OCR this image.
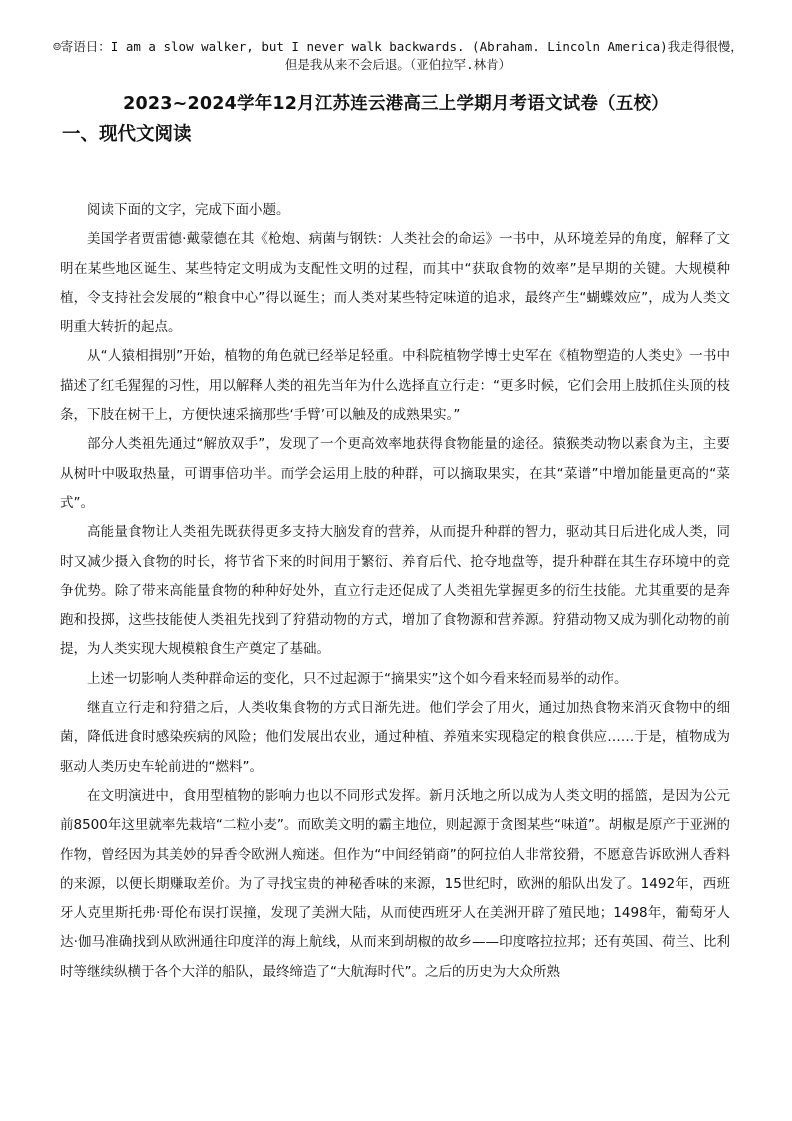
☺寄语日：I am a slow walker, but I never walk backwards. (Abraham. Lincoln America)我走得很慢，但是我从来不会后退。（亚伯拉罕.林肯）
2023~2024学年12月江苏连云港高三上学期月考语文试卷（五校）
一、现代文阅读

阅读下面的文字，完成下面小题。

美国学者贾雷德·戴蒙德在其《枪炮、病菌与钢铁：人类社会的命运》一书中，从环境差异的角度，解释了文明在某些地区诞生、某些特定文明成为支配性文明的过程，而其中“获取食物的效率”是早期的关键。大规模种植，令支持社会发展的“粮食中心”得以诞生；而人类对某些特定味道的追求，最终产生“蝴蝶效应”，成为人类文明重大转折的起点。

从“人猿相揖别”开始，植物的角色就已经举足轻重。中科院植物学博士史军在《植物塑造的人类史》一书中描述了红毛猩猩的习性，用以解释人类的祖先当年为什么选择直立行走：“更多时候，它们会用上肢抓住头顶的枝条，下肢在树干上，方便快速采摘那些‘手臂’可以触及的成熟果实。”

部分人类祖先通过“解放双手”，发现了一个更高效率地获得食物能量的途径。猿猴类动物以素食为主，主要从树叶中吸取热量，可谓事倍功半。而学会运用上肢的种群，可以摘取果实，在其“菜谱”中增加能量更高的“菜式”。

高能量食物让人类祖先既获得更多支持大脑发育的营养，从而提升种群的智力，驱动其日后进化成人类，同时又减少摄入食物的时长，将节省下来的时间用于繁衍、养育后代、抢夺地盘等，提升种群在其生存环境中的竞争优势。除了带来高能量食物的种种好处外，直立行走还促成了人类祖先掌握更多的衍生技能。尤其重要的是奔跑和投掷，这些技能使人类祖先找到了狩猎动物的方式，增加了食物源和营养源。狩猎动物又成为驯化动物的前提，为人类实现大规模粮食生产奠定了基础。

上述一切影响人类种群命运的变化，只不过起源于“摘果实”这个如今看来轻而易举的动作。

继直立行走和狩猎之后，人类收集食物的方式日渐先进。他们学会了用火，通过加热食物来消灭食物中的细菌，降低进食时感染疾病的风险；他们发展出农业，通过种植、养殖来实现稳定的粮食供应……于是，植物成为驱动人类历史车轮前进的“燃料”。

在文明演进中，食用型植物的影响力也以不同形式发挥。新月沃地之所以成为人类文明的摇篮，是因为公元前8500年这里就率先栽培“二粒小麦”。而欧美文明的霸主地位，则起源于贪图某些“味道”。胡椒是原产于亚洲的作物，曾经因为其美妙的异香令欧洲人痴迷。但作为“中间经销商”的阿拉伯人非常狡猾，不愿意告诉欧洲人香料的来源，以便长期赚取差价。为了寻找宝贵的神秘香味的来源，15世纪时，欧洲的船队出发了。1492年，西班牙人克里斯托弗·哥伦布误打误撞，发现了美洲大陆，从而使西班牙人在美洲开辟了殖民地；1498年，葡萄牙人达·伽马准确找到从欧洲通往印度洋的海上航线，从而来到胡椒的故乡——印度喀拉拉邦；还有英国、荷兰、比利时等继续纵横于各个大洋的船队，最终缔造了“大航海时代”。之后的历史为大众所熟
